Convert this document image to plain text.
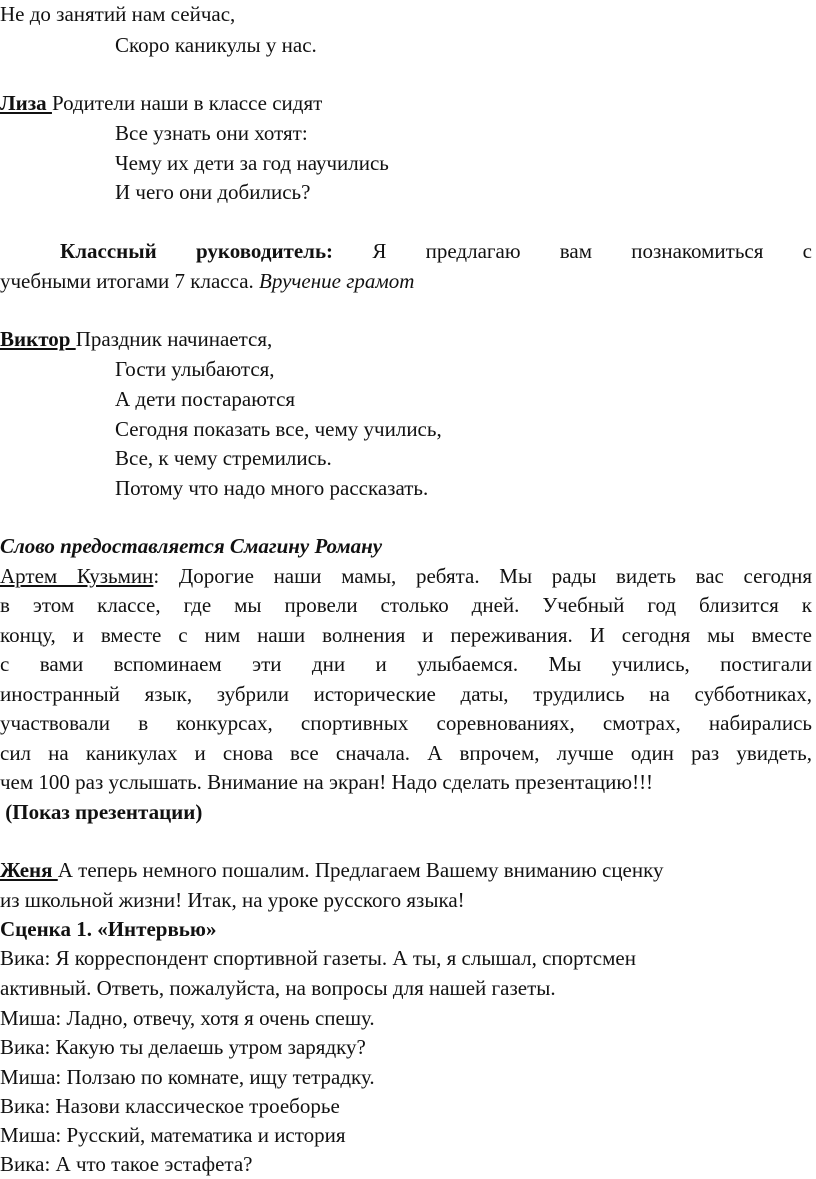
Не до занятий нам сейчас,
Скоро каникулы у нас.
Лиза Родители наши в классе сидят
Все узнать они хотят:
Чему их дети за год научились
И чего они добились?
Классный руководитель: Я предлагаю вам познакомиться с
учебными итогами 7 класса. Вручение грамот
Виктор Праздник начинается,
Гости улыбаются,
А дети постараются
Сегодня показать все, чему учились,
Все, к чему стремились.
Потому что надо много рассказать.
Слово предоставляется Смагину Роману
Артем Кузьмин: Дорогие наши мамы, ребята. Мы рады видеть вас сегодня
в этом классе, где мы провели столько дней. Учебный год близится к
концу, и вместе с ним наши волнения и переживания. И сегодня мы вместе
с вами вспоминаем эти дни и улыбаемся. Мы учились, постигали
иностранный язык, зубрили исторические даты, трудились на субботниках,
участвовали в конкурсах, спортивных соревнованиях, смотрах, набирались
сил на каникулах и снова все сначала. А впрочем, лучше один раз увидеть,
чем 100 раз услышать. Внимание на экран! Надо сделать презентацию!!!
(Показ презентации)
Женя А теперь немного пошалим. Предлагаем Вашему вниманию сценку
из школьной жизни! Итак, на уроке русского языка!
Сценка 1. «Интервью»
Вика: Я корреспондент спортивной газеты. А ты, я слышал, спортсмен
активный. Ответь, пожалуйста, на вопросы для нашей газеты.
Миша: Ладно, отвечу, хотя я очень спешу.
Вика: Какую ты делаешь утром зарядку?
Миша: Ползаю по комнате, ищу тетрадку.
Вика: Назови классическое троеборье
Миша: Русский, математика и история
Вика: А что такое эстафета?
